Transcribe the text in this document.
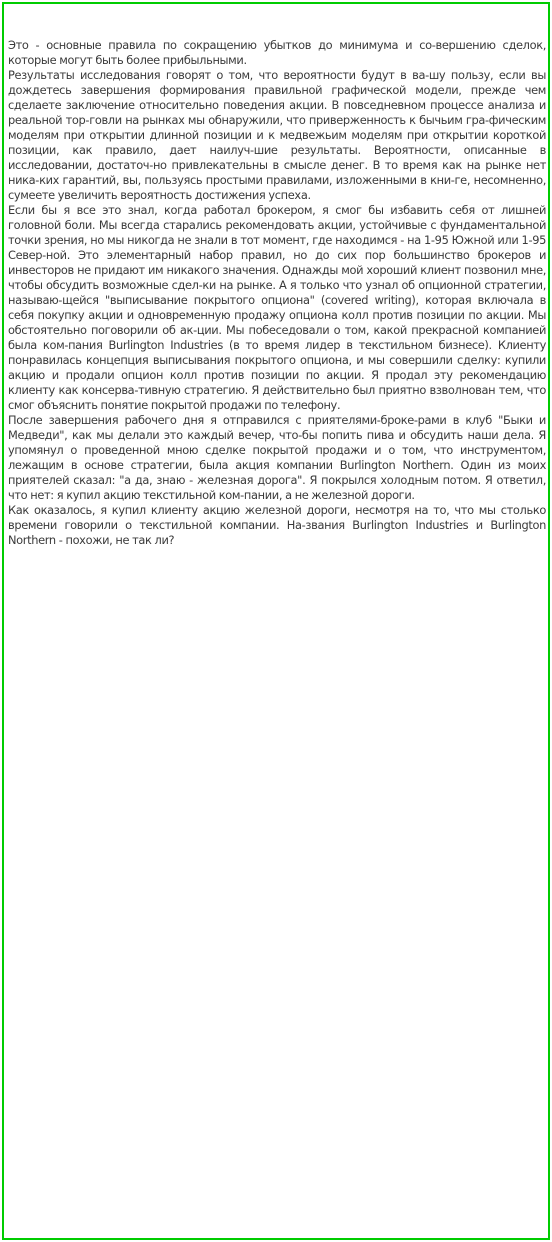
Это - основные правила по сокращению убытков до минимума и со-вершению сделок, которые могут быть более прибыльными.

Результаты исследования говорят о том, что вероятности будут в ва-шу пользу, если вы дождетесь завершения формирования правильной графической модели, прежде чем сделаете заключение относительно поведения акции. В повседневном процессе анализа и реальной тор-говли на рынках мы обнаружили, что приверженность к бычьим гра-фическим моделям при открытии длинной позиции и к медвежьим моделям при открытии короткой позиции, как правило, дает наилуч-шие результаты. Вероятности, описанные в исследовании, достаточ-но привлекательны в смысле денег. В то время как на рынке нет ника-ких гарантий, вы, пользуясь простыми правилами, изложенными в кни-ге, несомненно, сумеете увеличить вероятность достижения успеха.

Если бы я все это знал, когда работал брокером, я смог бы избавить себя от лишней головной боли. Мы всегда старались рекомендовать акции, устойчивые с фундаментальной точки зрения, но мы никогда не знали в тот момент, где находимся - на 1-95 Южной или 1-95 Север-ной. Это элементарный набор правил, но до сих пор большинство брокеров и инвесторов не придают им никакого значения. Однажды мой хороший клиент позвонил мне, чтобы обсудить возможные сдел-ки на рынке. А я только что узнал об опционной стратегии, называю-щейся "выписывание покрытого опциона" (covered writing), которая включала в себя покупку акции и одновременную продажу опциона колл против позиции по акции. Мы обстоятельно поговорили об ак-ции. Мы побеседовали о том, какой прекрасной компанией была ком-пания Burlington Industries (в то время лидер в текстильном бизнесе). Клиенту понравилась концепция выписывания покрытого опциона, и мы совершили сделку: купили акцию и продали опцион колл против позиции по акции. Я продал эту рекомендацию клиенту как консерва-тивную стратегию. Я действительно был приятно взволнован тем, что смог объяснить понятие покрытой продажи по телефону.

После завершения рабочего дня я отправился с приятелями-броке-рами в клуб "Быки и Медведи", как мы делали это каждый вечер, что-бы попить пива и обсудить наши дела. Я упомянул о проведенной мною сделке покрытой продажи и о том, что инструментом, лежащим в основе стратегии, была акция компании Burlington Northern. Один из моих приятелей сказал: "а да, знаю - железная дорога". Я покрылся холодным потом. Я ответил, что нет: я купил акцию текстильной ком-пании, а не железной дороги.

Как оказалось, я купил клиенту акцию железной дороги, несмотря на то, что мы столько времени говорили о текстильной компании. На-звания Burlington Industries и Burlington Northern - похожи, не так ли?
